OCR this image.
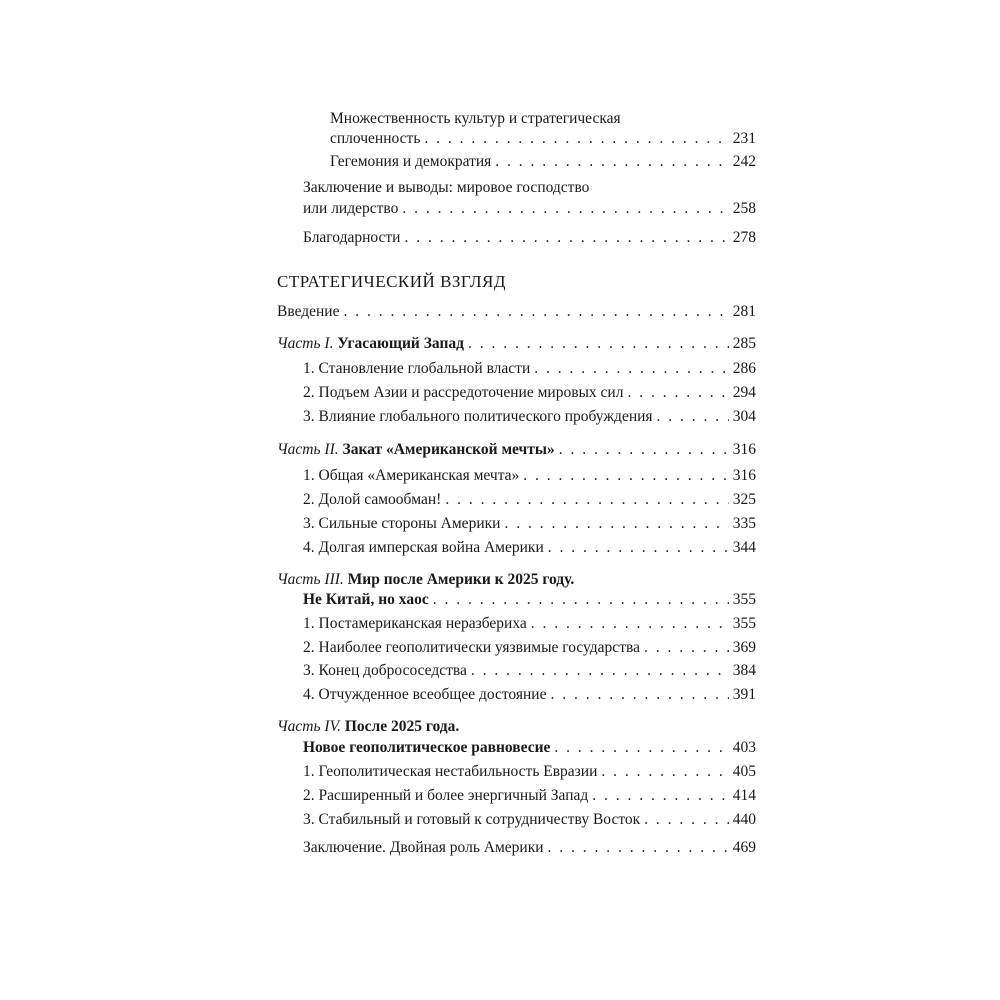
Множественность культур и стратегическая
сплоченность . . .	231
Гегемония и демократия . . .	242
Заключение и выводы: мировое господство
или лидерство . . .	258
Благодарности . . .	278
СТРАТЕГИЧЕСКИЙ ВЗГЛЯД
Введение . . .	281
Часть I. Угасающий Запад . . .	285
1. Становление глобальной власти . . .	286
2. Подъем Азии и рассредоточение мировых сил . . .	294
3. Влияние глобального политического пробуждения . . .	304
Часть II. Закат «Американской мечты» . . .	316
1. Общая «Американская мечта» . . .	316
2. Долой самообман! . . .	325
3. Сильные стороны Америки . . .	335
4. Долгая имперская война Америки . . .	344
Часть III. Мир после Америки к 2025 году.
Не Китай, но хаос . . .	355
1. Постамериканская неразбериха . . .	355
2. Наиболее геополитически уязвимые государства . . .	369
3. Конец добрососедства . . .	384
4. Отчужденное всеобщее достояние . . .	391
Часть IV. После 2025 года.
Новое геополитическое равновесие . . .	403
1. Геополитическая нестабильность Евразии . . .	405
2. Расширенный и более энергичный Запад . . .	414
3. Стабильный и готовый к сотрудничеству Восток . . .	440
Заключение. Двойная роль Америки . . .	469
